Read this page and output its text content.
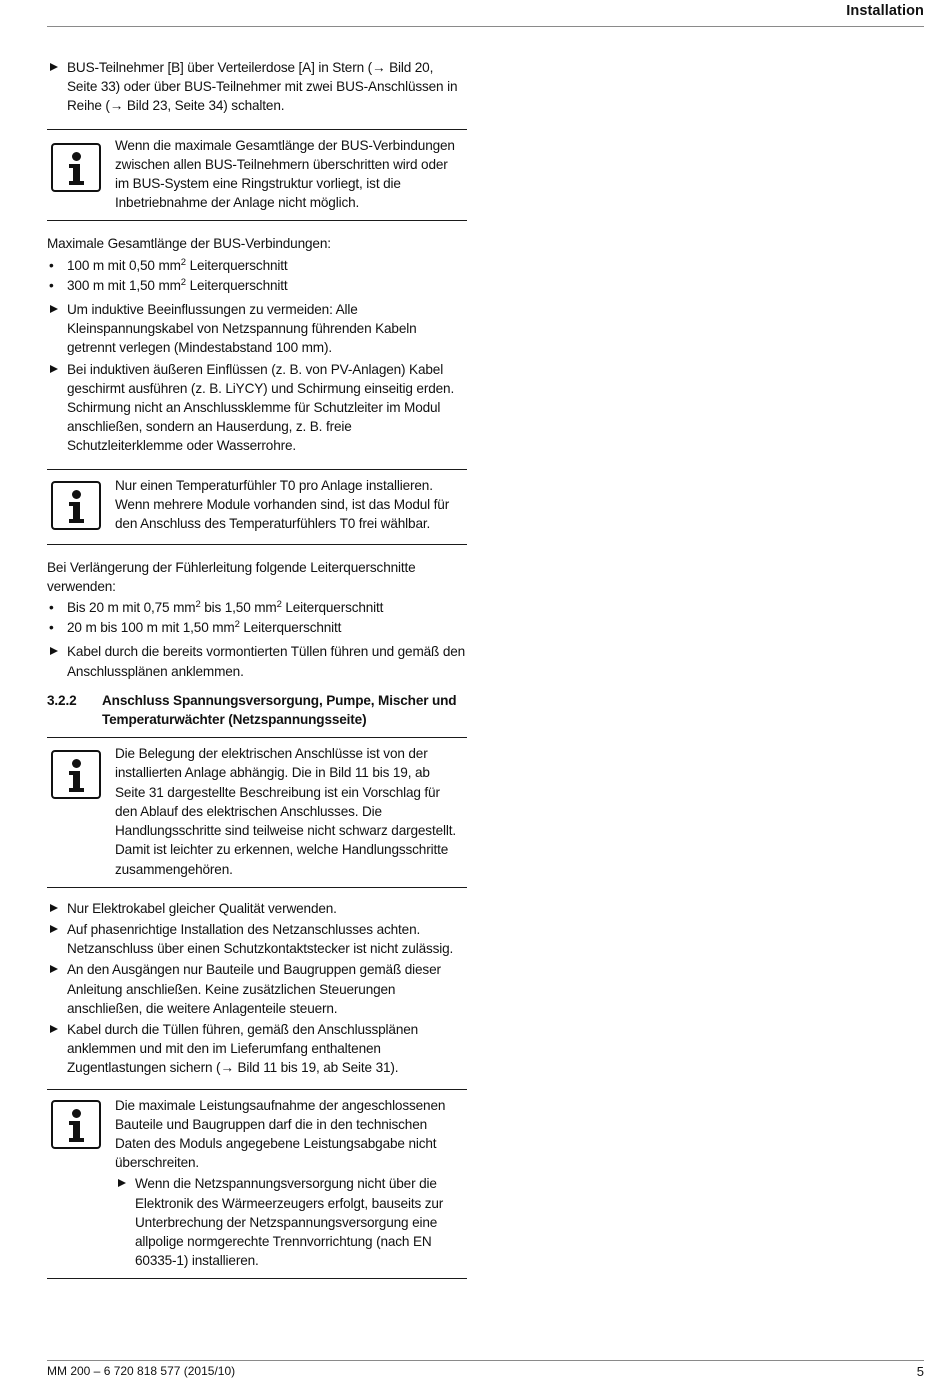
Installation
BUS-Teilnehmer [B] über Verteilerdose [A] in Stern (→ Bild 20, Seite 33) oder über BUS-Teilnehmer mit zwei BUS-Anschlüssen in Reihe (→ Bild 23, Seite 34) schalten.
Wenn die maximale Gesamtlänge der BUS-Verbindungen zwischen allen BUS-Teilnehmern überschritten wird oder im BUS-System eine Ringstruktur vorliegt, ist die Inbetriebnahme der Anlage nicht möglich.

Maximale Gesamtlänge der BUS-Verbindungen:

• 100 m mit 0,50 $mm^2$ Leiterquerschnitt
• 300 m mit 1,50 $mm^2$ Leiterquerschnitt
Um induktive Beeinflussungen zu vermeiden: Alle Kleinspannungskabel von Netzspannung führenden Kabeln getrennt verlegen (Mindestabstand 100 mm).
Bei induktiven äußeren Einflüssen (z. B. von PV-Anlagen) Kabel geschirmt ausführen (z. B. LiYCY) und Schirmung einseitig erden. Schirmung nicht an Anschlussklemme für Schutzleiter im Modul anschließen, sondern an Hauserdung, z. B. freie Schutzleiterklemme oder Wasserrohre.
Nur einen Temperaturfühler T0 pro Anlage installieren. Wenn mehrere Module vorhanden sind, ist das Modul für den Anschluss des Temperaturfühlers T0 frei wählbar.

Bei Verlängerung der Fühlerleitung folgende Leiterquerschnitte verwenden:

• Bis 20 m mit 0,75 $mm^2$ bis 1,50 $mm^2$ Leiterquerschnitt
• 20 m bis 100 m mit 1,50 $mm^2$ Leiterquerschnitt
Kabel durch die bereits vormontierten Tüllen führen und gemäß den Anschlussplänen anklemmen.
3.2.2 Anschluss Spannungsversorgung, Pumpe, Mischer und Temperaturwächter (Netzspannungsseite)
Die Belegung der elektrischen Anschlüsse ist von der installierten Anlage abhängig. Die in Bild 11 bis 19, ab Seite 31 dargestellte Beschreibung ist ein Vorschlag für den Ablauf des elektrischen Anschlusses. Die Handlungsschritte sind teilweise nicht schwarz dargestellt. Damit ist leichter zu erkennen, welche Handlungsschritte zusammengehören.
Nur Elektrokabel gleicher Qualität verwenden.
Auf phasenrichtige Installation des Netzanschlusses achten. Netzanschluss über einen Schutzkontaktstecker ist nicht zulässig.
An den Ausgängen nur Bauteile und Baugruppen gemäß dieser Anleitung anschließen. Keine zusätzlichen Steuerungen anschließen, die weitere Anlagenteile steuern.
Kabel durch die Tüllen führen, gemäß den Anschlussplänen anklemmen und mit den im Lieferumfang enthaltenen Zugentlastungen sichern (→ Bild 11 bis 19, ab Seite 31).
Die maximale Leistungsaufnahme der angeschlossenen Bauteile und Baugruppen darf die in den technischen Daten des Moduls angegebene Leistungsabgabe nicht überschreiten.
Wenn die Netzspannungsversorgung nicht über die Elektronik des Wärmeerzeugers erfolgt, bauseits zur Unterbrechung der Netzspannungsversorgung eine allpolige normgerechte Trennvorrichtung (nach EN 60335-1) installieren.
MM 200 – 6 720 818 577 (2015/10)	5
